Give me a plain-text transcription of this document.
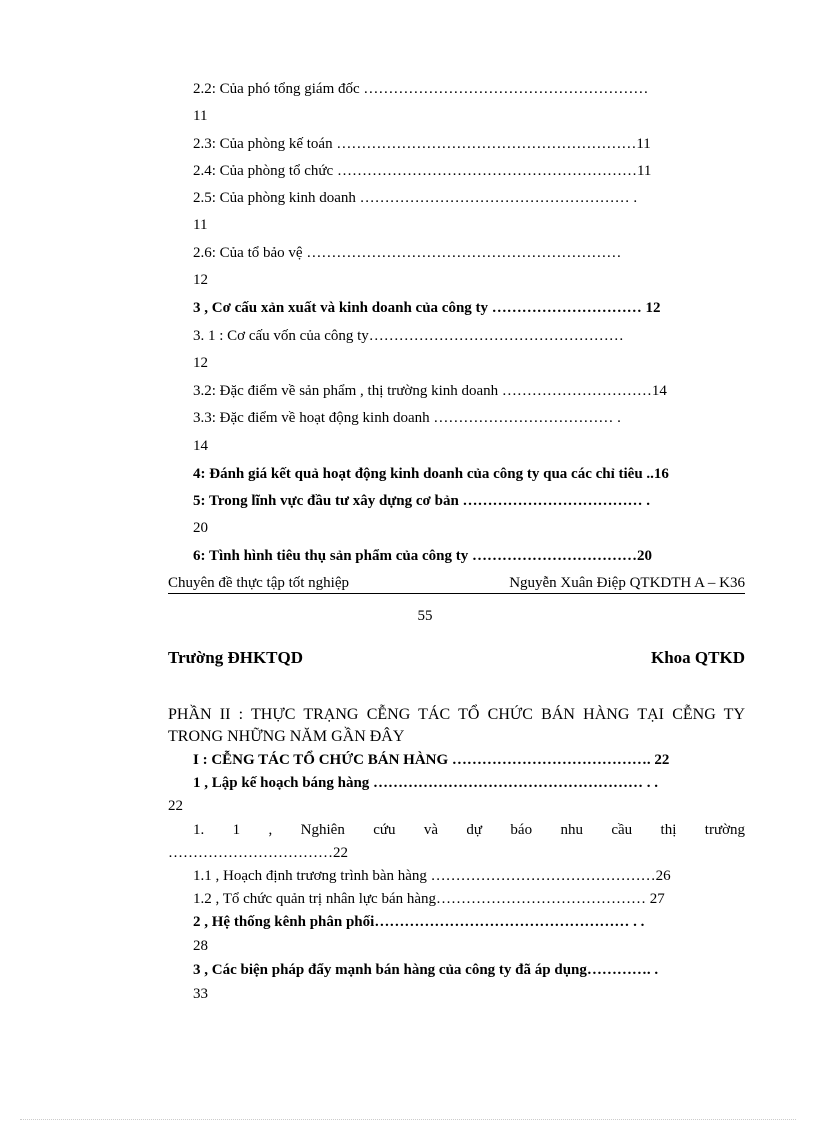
2.2: Của phó tổng giám đốc …………………………………………………
11
2.3: Của phòng kế toán ……………………………………………………11
2.4: Của phòng tổ chức ……………………………………………………11
2.5: Của phòng kinh doanh ……………………………………………… .
11
2.6: Của tổ bảo vệ ………………………………………………………
12
3 , Cơ cấu xản xuất và kinh doanh của công ty ………………………… 12
3. 1 : Cơ cấu vốn của công ty……………………………………………
12
3.2: Đặc điểm về sản phẩm , thị trường kinh doanh …………………………14
3.3: Đặc điểm về hoạt động kinh doanh ……………………………… .
14
4: Đánh giá kết quả hoạt động kinh doanh của công ty qua các chỉ tiêu ..16
5: Trong lĩnh vực đầu tư xây dựng cơ bản ……………………………… .
20
6: Tình hình tiêu thụ sản phẩm của công ty ……………………………20
Chuyên đề thực tập tốt nghiệp	Nguyễn Xuân Điệp QTKDTH A – K36
55
Trường ĐHKTQD	Khoa QTKD
PHẦN II : THỰC TRẠNG CỄNG TÁC TỔ CHỨC BÁN HÀNG TẠI CỄNG TY TRONG NHỮNG NĂM GẦN ĐÂY
I : CỄNG TÁC TỔ CHỨC BÁN HÀNG …………………………………. 22
1 , Lập kế hoạch báng hàng ……………………………………………… . .
22
1. 1 , Nghiên cứu và dự báo nhu cầu thị trường
……………………………22
1.1 , Hoạch định trương trình bàn hàng ………………………………………26
1.2 , Tổ chức quản trị nhân lực bán hàng…………………………………… 27
2 , Hệ thống kênh phân phối…………………………………………… . .
28
3 , Các biện pháp đẩy mạnh bán hàng của công ty đã áp dụng…………. .
33
